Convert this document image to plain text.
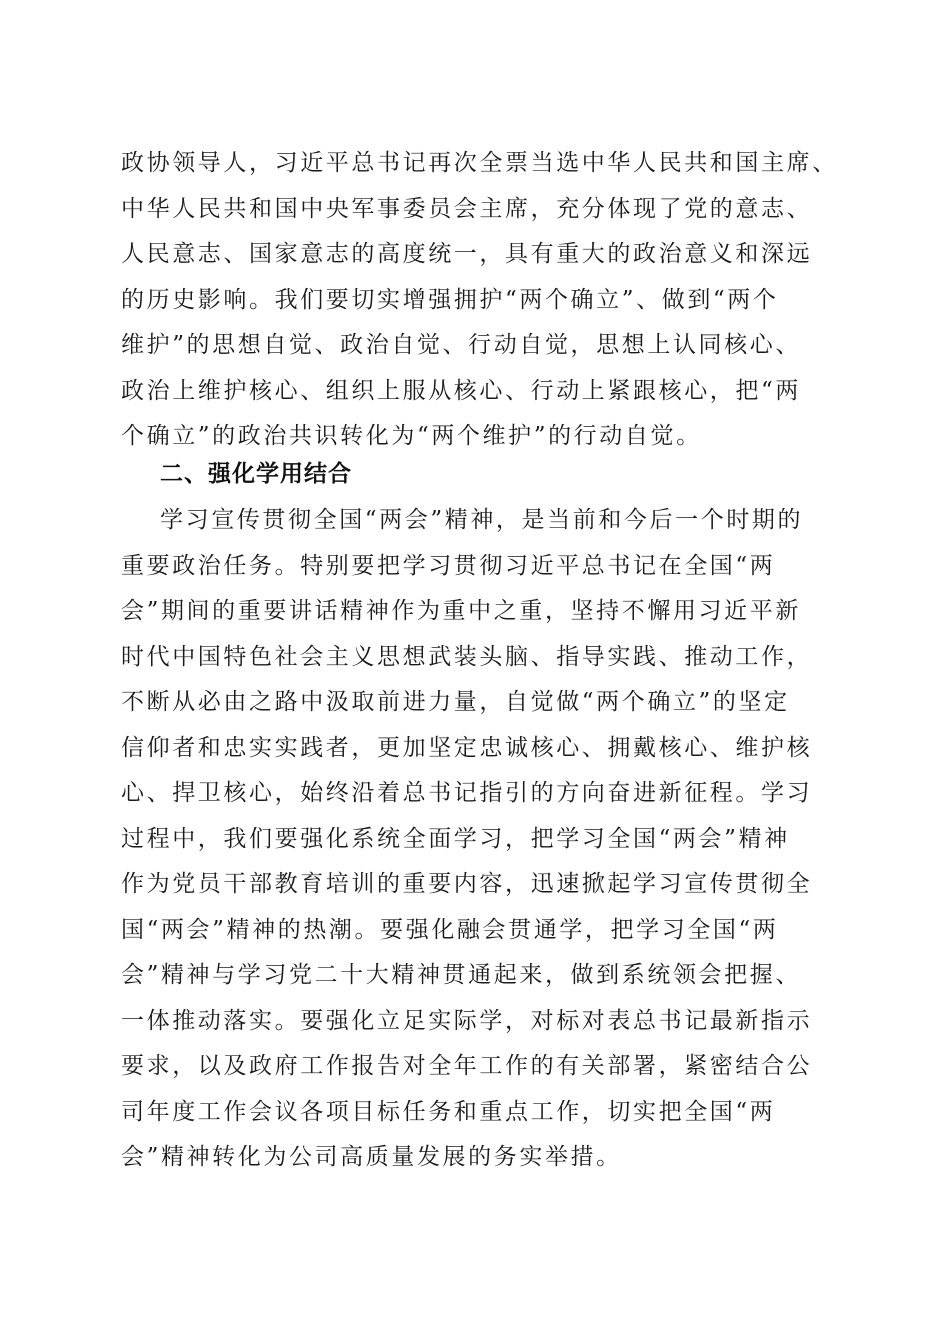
政协领导人，习近平总书记再次全票当选中华人民共和国主席、
中华人民共和国中央军事委员会主席，充分体现了党的意志、
人民意志、国家意志的高度统一，具有重大的政治意义和深远
的历史影响。我们要切实增强拥护“两个确立”、做到“两个
维护”的思想自觉、政治自觉、行动自觉，思想上认同核心、
政治上维护核心、组织上服从核心、行动上紧跟核心，把“两
个确立”的政治共识转化为“两个维护”的行动自觉。
二、强化学用结合
学习宣传贯彻全国“两会”精神，是当前和今后一个时期的
重要政治任务。特别要把学习贯彻习近平总书记在全国“两
会”期间的重要讲话精神作为重中之重，坚持不懈用习近平新
时代中国特色社会主义思想武装头脑、指导实践、推动工作，
不断从必由之路中汲取前进力量，自觉做“两个确立”的坚定
信仰者和忠实实践者，更加坚定忠诚核心、拥戴核心、维护核
心、捍卫核心，始终沿着总书记指引的方向奋进新征程。学习
过程中，我们要强化系统全面学习，把学习全国“两会”精神
作为党员干部教育培训的重要内容，迅速掀起学习宣传贯彻全
国“两会”精神的热潮。要强化融会贯通学，把学习全国“两
会”精神与学习党二十大精神贯通起来，做到系统领会把握、
一体推动落实。要强化立足实际学，对标对表总书记最新指示
要求，以及政府工作报告对全年工作的有关部署，紧密结合公
司年度工作会议各项目标任务和重点工作，切实把全国“两
会”精神转化为公司高质量发展的务实举措。
